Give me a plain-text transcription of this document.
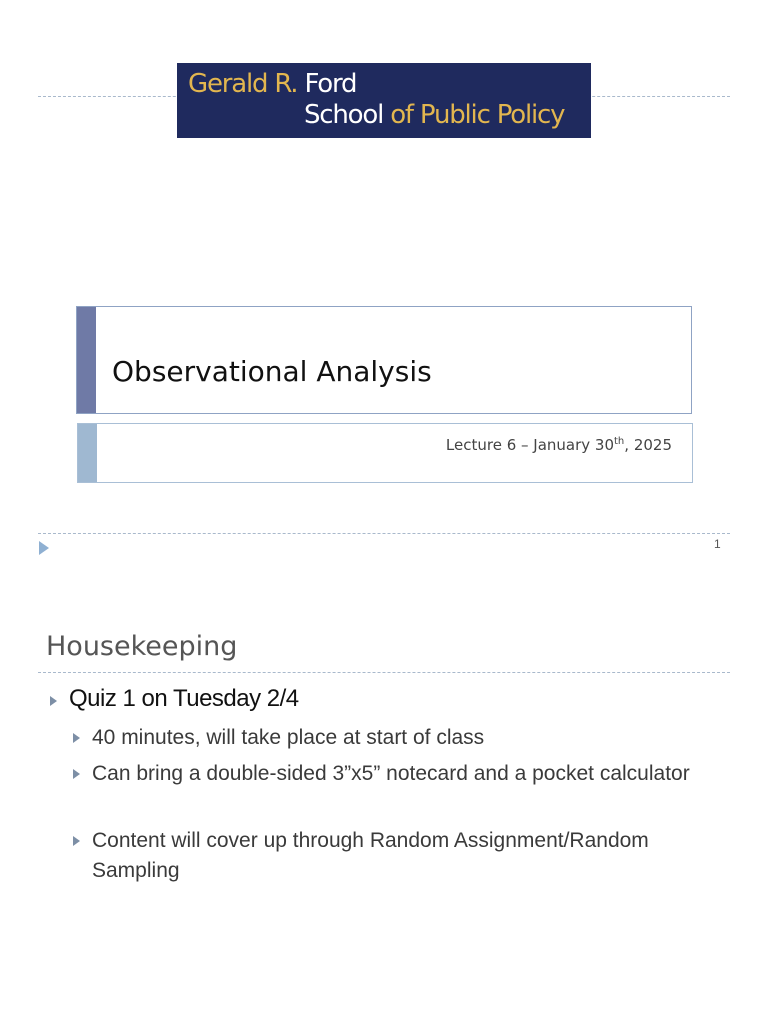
Gerald R. Ford
School of Public Policy
Observational Analysis
Lecture 6 – January 30th, 2025
1
Housekeeping
Quiz 1 on Tuesday 2/4
40 minutes, will take place at start of class
Can bring a double-sided 3”x5” notecard and a pocket calculator
Content will cover up through Random Assignment/Random Sampling
